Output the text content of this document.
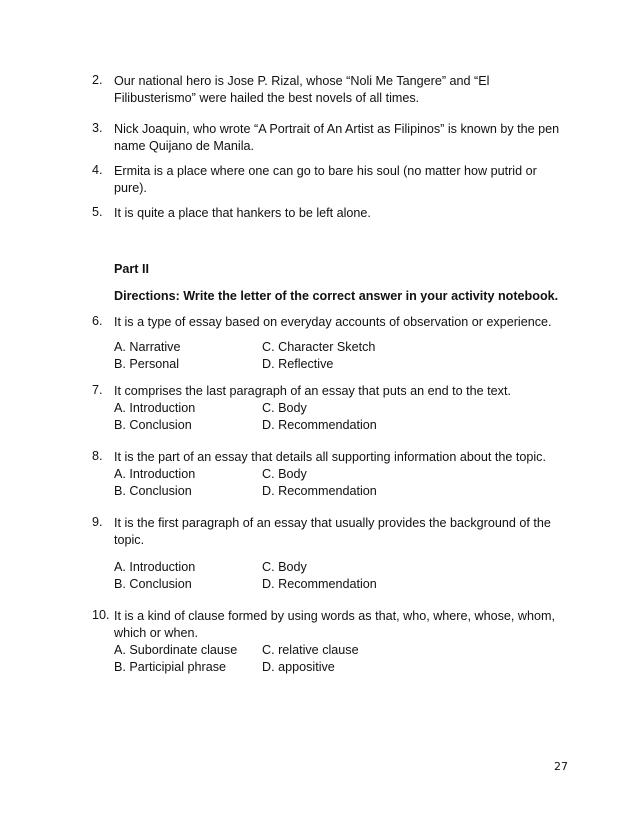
2. Our national hero is Jose P. Rizal, whose “Noli Me Tangere” and “El Filibusterismo” were hailed the best novels of all times.
3. Nick Joaquin, who wrote “A Portrait of An Artist as Filipinos” is known by the pen name Quijano de Manila.
4. Ermita is a place where one can go to bare his soul (no matter how putrid or pure).
5. It is quite a place that hankers to be left alone.
Part II
Directions: Write the letter of the correct answer in your activity notebook.
6. It is a type of essay based on everyday accounts of observation or experience.
A. Narrative	C. Character Sketch
B. Personal	D. Reflective
7. It comprises the last paragraph of an essay that puts an end to the text.
A. Introduction	C. Body
B. Conclusion	D. Recommendation
8. It is the part of an essay that details all supporting information about the topic.
A. Introduction	C. Body
B. Conclusion	D. Recommendation
9. It is the first paragraph of an essay that usually provides the background of the topic.
A. Introduction	C. Body
B. Conclusion	D. Recommendation
10. It is a kind of clause formed by using words as that, who, where, whose, whom, which or when.
A. Subordinate clause C. relative clause
B. Participial phrase	D. appositive
27
